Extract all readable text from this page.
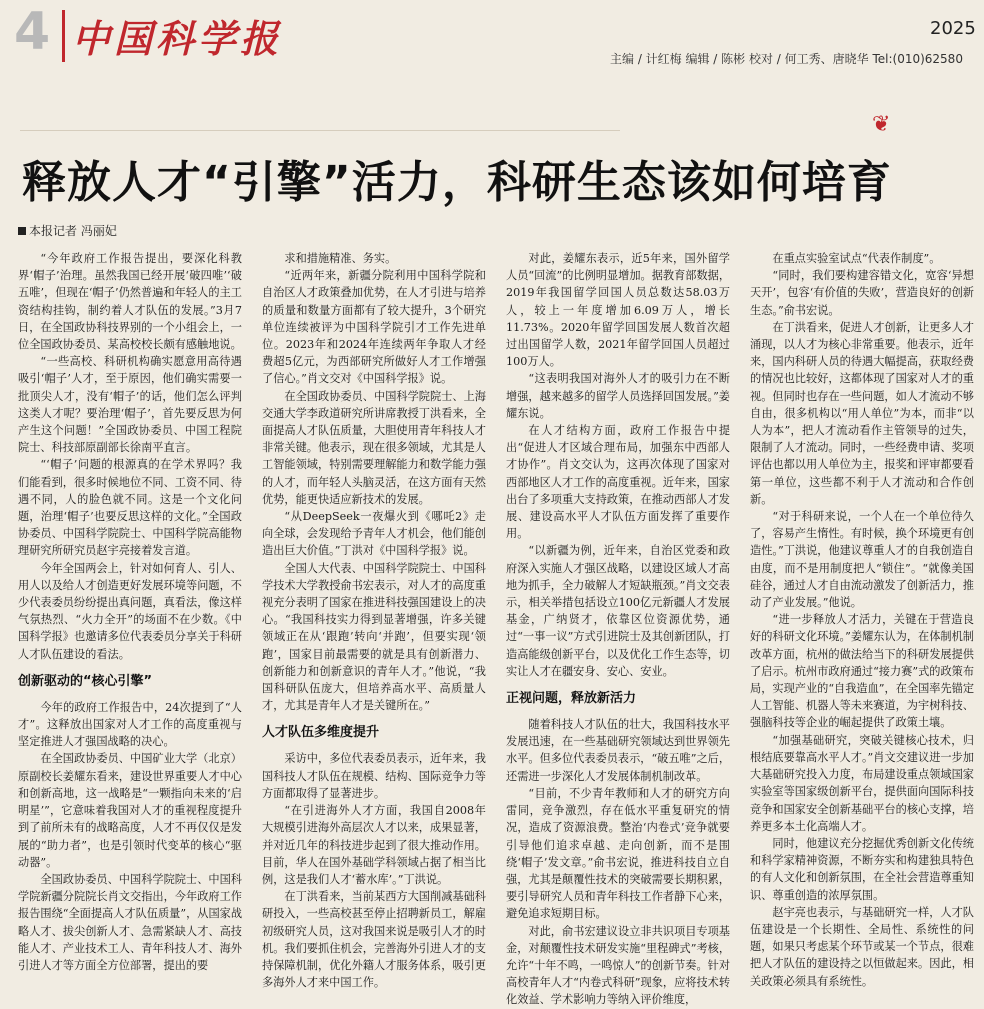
4 中国科学报	2025
主编 / 计红梅 编辑 / 陈彬 校对 / 何工秀、唐晓华 Tel:(010)62580
❦
释放人才“引擎”活力，科研生态该如何培育
本报记者 冯丽妃

“今年政府工作报告提出，要深化科教界‘帽子’治理。虽然我国已经开展‘破四唯’‘破五唯’，但现在‘帽子’仍然普遍和年轻人的主工资结构挂钩，制约着人才队伍的发展。”3月7日，在全国政协科技界别的一个小组会上，一位全国政协委员、某高校校长颇有感触地说。

“一些高校、科研机构确实愿意用高待遇吸引‘帽子’人才，至于原因，他们确实需要一批顶尖人才，没有‘帽子’的话，他们怎么评判这类人才呢？要治理‘帽子’，首先要反思为何产生这个问题！”全国政协委员、中国工程院院士、科技部原副部长徐南平直言。

“‘帽子’问题的根源真的在学术界吗？我们能看到，很多时候地位不同、工资不同、待遇不同，人的脸色就不同。这是一个文化问题，治理‘帽子’也要反思这样的文化。”全国政协委员、中国科学院院士、中国科学院高能物理研究所研究员赵宇亮接着发言道。

今年全国两会上，针对如何育人、引人、用人以及给人才创造更好发展环境等问题，不少代表委员纷纷提出真问题，真看法，像这样气氛热烈、“火力全开”的场面不在少数。《中国科学报》也邀请多位代表委员分享关于科研人才队伍建设的看法。

创新驱动的“核心引擎”

今年的政府工作报告中，24次提到了“人才”。这释放出国家对人才工作的高度重视与坚定推进人才强国战略的决心。

在全国政协委员、中国矿业大学（北京）原副校长姜耀东看来，建设世界重要人才中心和创新高地，这一战略是“一颗指向未来的‘启明星’”，它意味着我国对人才的重视程度提升到了前所未有的战略高度，人才不再仅仅是发展的“助力者”，也是引领时代变革的核心“驱动器”。

全国政协委员、中国科学院院士、中国科学院新疆分院院长肖文交指出，今年政府工作报告围绕“全面提高人才队伍质量”，从国家战略人才、拔尖创新人才、急需紧缺人才、高技能人才、产业技术工人、青年科技人才、海外引进人才等方面全方位部署，提出的要

求和措施精准、务实。

“近两年来，新疆分院利用中国科学院和自治区人才政策叠加优势，在人才引进与培养的质量和数量方面都有了较大提升，3个研究单位连续被评为中国科学院引才工作先进单位。2023年和2024年连续两年争取人才经费超5亿元，为西部研究所做好人才工作增强了信心。”肖文交对《中国科学报》说。

在全国政协委员、中国科学院院士、上海交通大学李政道研究所讲席教授丁洪看来，全面提高人才队伍质量，大胆使用青年科技人才非常关键。他表示，现在很多领域，尤其是人工智能领域，特别需要理解能力和数学能力强的人才，而年轻人头脑灵活，在这方面有天然优势，能更快适应新技术的发展。

“从DeepSeek一夜爆火到《哪吒2》走向全球，会发现给予青年人才机会，他们能创造出巨大价值。”丁洪对《中国科学报》说。

全国人大代表、中国科学院院士、中国科学技术大学教授俞书宏表示，对人才的高度重视充分表明了国家在推进科技强国建设上的决心。“我国科技实力得到显著增强，许多关键领域正在从‘跟跑’转向‘并跑’，但要实现‘领跑’，国家目前最需要的就是具有创新潜力、创新能力和创新意识的青年人才。”他说，“我国科研队伍庞大，但培养高水平、高质量人才，尤其是青年人才是关键所在。”

人才队伍多维度提升

采访中，多位代表委员表示，近年来，我国科技人才队伍在规模、结构、国际竞争力等方面都取得了显著进步。

“在引进海外人才方面，我国自2008年大规模引进海外高层次人才以来，成果显著，并对近几年的科技进步起到了很大推动作用。目前，华人在国外基础学科领域占据了相当比例，这是我们人才‘蓄水库’。”丁洪说。

在丁洪看来，当前某西方大国削减基础科研投入，一些高校甚至停止招聘新员工，解雇初级研究人员，这对我国来说是吸引人才的时机。我们要抓住机会，完善海外引进人才的支持保障机制，优化外籍人才服务体系，吸引更多海外人才来中国工作。

对此，姜耀东表示，近5年来，国外留学人员“回流”的比例明显增加。据教育部数据，2019年我国留学回国人员总数达58.03万人，较上一年度增加6.09万人，增长11.73%。2020年留学回国发展人数首次超过出国留学人数，2021年留学回国人员超过100万人。

“这表明我国对海外人才的吸引力在不断增强，越来越多的留学人员选择回国发展。”姜耀东说。

在人才结构方面，政府工作报告中提出“促进人才区域合理布局，加强东中西部人才协作”。肖文交认为，这再次体现了国家对西部地区人才工作的高度重视。近年来，国家出台了多项重大支持政策，在推动西部人才发展、建设高水平人才队伍方面发挥了重要作用。

“以新疆为例，近年来，自治区党委和政府深入实施人才强区战略，以建设区域人才高地为抓手，全力破解人才短缺瓶颈。”肖文交表示，相关举措包括设立100亿元新疆人才发展基金，广纳贤才，依靠区位资源优势，通过“一事一议”方式引进院士及其创新团队，打造高能级创新平台，以及优化工作生态等，切实让人才在疆安身、安心、安业。

正视问题，释放新活力

随着科技人才队伍的壮大，我国科技水平发展迅速，在一些基础研究领域达到世界领先水平。但多位代表委员表示，“破五唯”之后，还需进一步深化人才发展体制机制改革。

“目前，不少青年教师和人才的研究方向雷同，竞争激烈，存在低水平重复研究的情况，造成了资源浪费。整治‘内卷式’竞争就要引导他们追求卓越、走向创新，而不是围绕‘帽子’发文章。”俞书宏说，推进科技自立自强，尤其是颠覆性技术的突破需要长期积累，要引导研究人员和青年科技工作者静下心来，避免追求短期目标。

对此，俞书宏建议设立非共识项目专项基金，对颠覆性技术研发实施“里程碑式”考核，允许“十年不鸣，一鸣惊人”的创新节奏。针对高校青年人才“内卷式科研”现象，应将技术转化效益、学术影响力等纳入评价维度，

在重点实验室试点“代表作制度”。

“同时，我们要构建容错文化，宽容‘异想天开’，包容‘有价值的失败’，营造良好的创新生态。”俞书宏说。

在丁洪看来，促进人才创新，让更多人才涌现，以人才为核心非常重要。他表示，近年来，国内科研人员的待遇大幅提高，获取经费的情况也比较好，这都体现了国家对人才的重视。但同时也存在一些问题，如人才流动不够自由，很多机构以“用人单位”为本，而非“以人为本”，把人才流动看作主管领导的过失，限制了人才流动。同时，一些经费申请、奖项评估也都以用人单位为主，报奖和评审都要看第一单位，这些都不利于人才流动和合作创新。

“对于科研来说，一个人在一个单位待久了，容易产生惰性。有时候，换个环境更有创造性。”丁洪说，他建议尊重人才的自我创造自由度，而不是用制度把人“锁住”。“就像美国硅谷，通过人才自由流动激发了创新活力，推动了产业发展。”他说。

“进一步释放人才活力，关键在于营造良好的科研文化环境。”姜耀东认为，在体制机制改革方面，杭州的做法给当下的科研发展提供了启示。杭州市政府通过“接力赛”式的政策布局，实现产业的“自我造血”，在全国率先锚定人工智能、机器人等未来赛道，为宇树科技、强脑科技等企业的崛起提供了政策土壤。

“加强基础研究，突破关键核心技术，归根结底要靠高水平人才。”肖文交建议进一步加大基础研究投入力度，布局建设重点领域国家实验室等国家级创新平台，提供面向国际科技竞争和国家安全创新基础平台的核心支撑，培养更多本土化高端人才。

同时，他建议充分挖掘优秀创新文化传统和科学家精神资源，不断夯实和构建独具特色的有人文化和创新氛围，在全社会营造尊重知识、尊重创造的浓厚氛围。

赵宇亮也表示，与基础研究一样，人才队伍建设是一个长期性、全局性、系统性的问题，如果只考虑某个环节或某一个节点，很难把人才队伍的建设持之以恒做起来。因此，相关政策必须具有系统性。
